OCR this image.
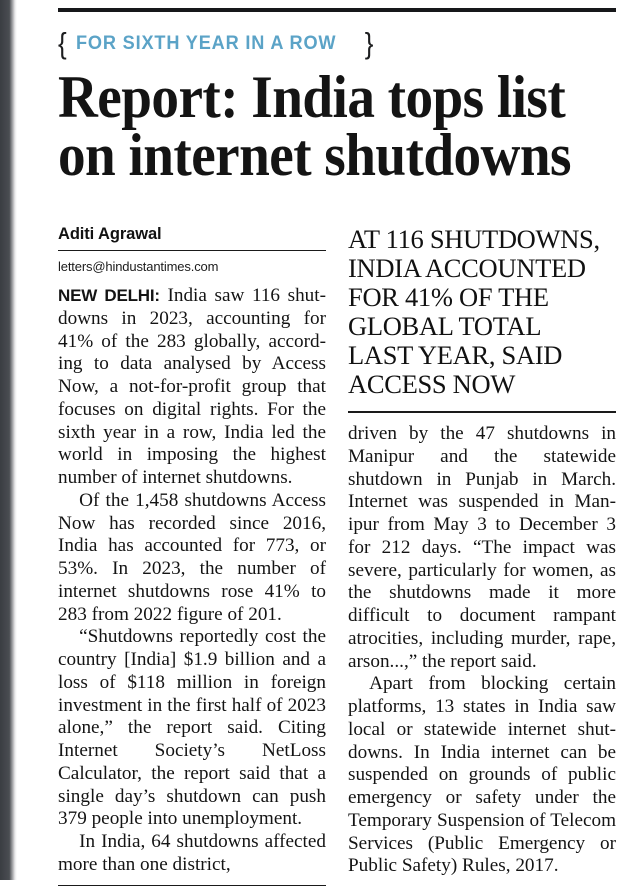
{ FOR SIXTH YEAR IN A ROW }
Report: India tops list
on internet shutdowns
Aditi Agrawal
letters@hindustantimes.com

NEW DELHI: India saw 116 shutdowns in 2023, accounting for 41% of the 283 globally, according to data analysed by Access Now, a not-for-profit group that focuses on digital rights. For the sixth year in a row, India led the world in imposing the highest number of internet shutdowns.

Of the 1,458 shutdowns Access Now has recorded since 2016, India has accounted for 773, or 53%. In 2023, the number of internet shutdowns rose 41% to 283 from 2022 figure of 201.

“Shutdowns reportedly cost the country [India] $1.9 billion and a loss of $118 million in foreign investment in the first half of 2023 alone,” the report said. Citing Internet Society’s NetLoss Calculator, the report said that a single day’s shutdown can push 379 people into unemployment.

In India, 64 shutdowns affected more than one district,

AT 116 SHUTDOWNS,
INDIA ACCOUNTED
FOR 41% OF THE
GLOBAL TOTAL
LAST YEAR, SAID
ACCESS NOW

driven by the 47 shutdowns in Manipur and the statewide shutdown in Punjab in March. Internet was suspended in Manipur from May 3 to December 3 for 212 days. “The impact was severe, particularly for women, as the shutdowns made it more difficult to document rampant atrocities, including murder, rape, arson...,” the report said.

Apart from blocking certain platforms, 13 states in India saw local or statewide internet shutdowns. In India internet can be suspended on grounds of public emergency or safety under the Temporary Suspension of Telecom Services (Public Emergency or Public Safety) Rules, 2017.
